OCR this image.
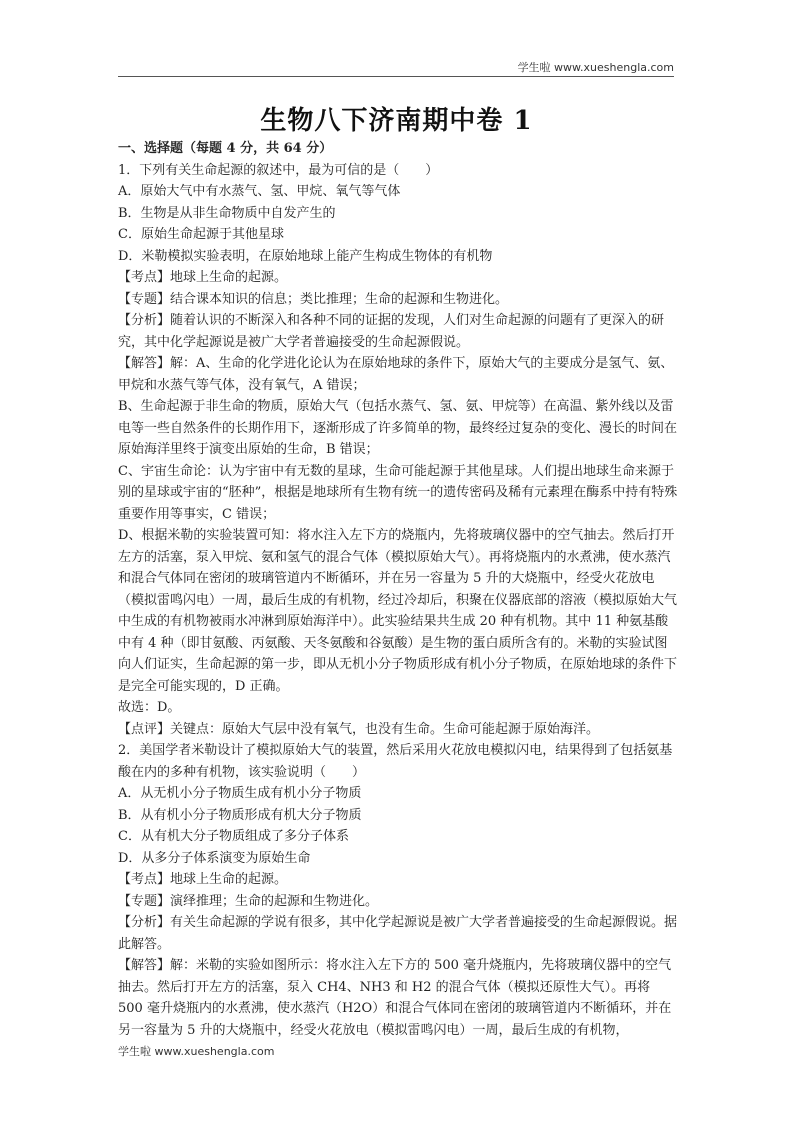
学生啦 www.xueshengla.com
生物八下济南期中卷 1

一、选择题（每题 4 分，共 64 分）

1．下列有关生命起源的叙述中，最为可信的是（　　）

A．原始大气中有水蒸气、氢、甲烷、氧气等气体

B．生物是从非生命物质中自发产生的

C．原始生命起源于其他星球

D．米勒模拟实验表明，在原始地球上能产生构成生物体的有机物

【考点】地球上生命的起源。

【专题】结合课本知识的信息；类比推理；生命的起源和生物进化。

【分析】随着认识的不断深入和各种不同的证据的发现，人们对生命起源的问题有了更深入的研究，其中化学起源说是被广大学者普遍接受的生命起源假说。

【解答】解：A、生命的化学进化论认为在原始地球的条件下，原始大气的主要成分是氢气、氨、甲烷和水蒸气等气体，没有氧气，A 错误；

B、生命起源于非生命的物质，原始大气（包括水蒸气、氢、氨、甲烷等）在高温、紫外线以及雷电等一些自然条件的长期作用下，逐渐形成了许多简单的物，最终经过复杂的变化、漫长的时间在原始海洋里终于演变出原始的生命，B 错误；

C、宇宙生命论：认为宇宙中有无数的星球，生命可能起源于其他星球。人们提出地球生命来源于别的星球或宇宙的“胚种”，根据是地球所有生物有统一的遗传密码及稀有元素理在酶系中持有特殊重要作用等事实，C 错误；

D、根据米勒的实验装置可知：将水注入左下方的烧瓶内，先将玻璃仪器中的空气抽去。然后打开左方的活塞，泵入甲烷、氨和氢气的混合气体（模拟原始大气）。再将烧瓶内的水煮沸，使水蒸汽和混合气体同在密闭的玻璃管道内不断循环，并在另一容量为 5 升的大烧瓶中，经受火花放电（模拟雷鸣闪电）一周，最后生成的有机物，经过冷却后，积聚在仪器底部的溶液（模拟原始大气中生成的有机物被雨水冲淋到原始海洋中）。此实验结果共生成 20 种有机物。其中 11 种氨基酸中有 4 种（即甘氨酸、丙氨酸、天冬氨酸和谷氨酸）是生物的蛋白质所含有的。米勒的实验试图向人们证实，生命起源的第一步，即从无机小分子物质形成有机小分子物质，在原始地球的条件下是完全可能实现的，D 正确。

故选：D。

【点评】关键点：原始大气层中没有氧气，也没有生命。生命可能起源于原始海洋。

2．美国学者米勒设计了模拟原始大气的装置，然后采用火花放电模拟闪电，结果得到了包括氨基酸在内的多种有机物，该实验说明（　　）

A．从无机小分子物质生成有机小分子物质

B．从有机小分子物质形成有机大分子物质

C．从有机大分子物质组成了多分子体系

D．从多分子体系演变为原始生命

【考点】地球上生命的起源。

【专题】演绎推理；生命的起源和生物进化。

【分析】有关生命起源的学说有很多，其中化学起源说是被广大学者普遍接受的生命起源假说。据此解答。

【解答】解：米勒的实验如图所示：将水注入左下方的 500 毫升烧瓶内，先将玻璃仪器中的空气抽去。然后打开左方的活塞，泵入 CH4、NH3 和 H2 的混合气体（模拟还原性大气）。再将 500 毫升烧瓶内的水煮沸，使水蒸汽（H2O）和混合气体同在密闭的玻璃管道内不断循环，并在另一容量为 5 升的大烧瓶中，经受火花放电（模拟雷鸣闪电）一周，最后生成的有机物，

学生啦 www.xueshengla.com
